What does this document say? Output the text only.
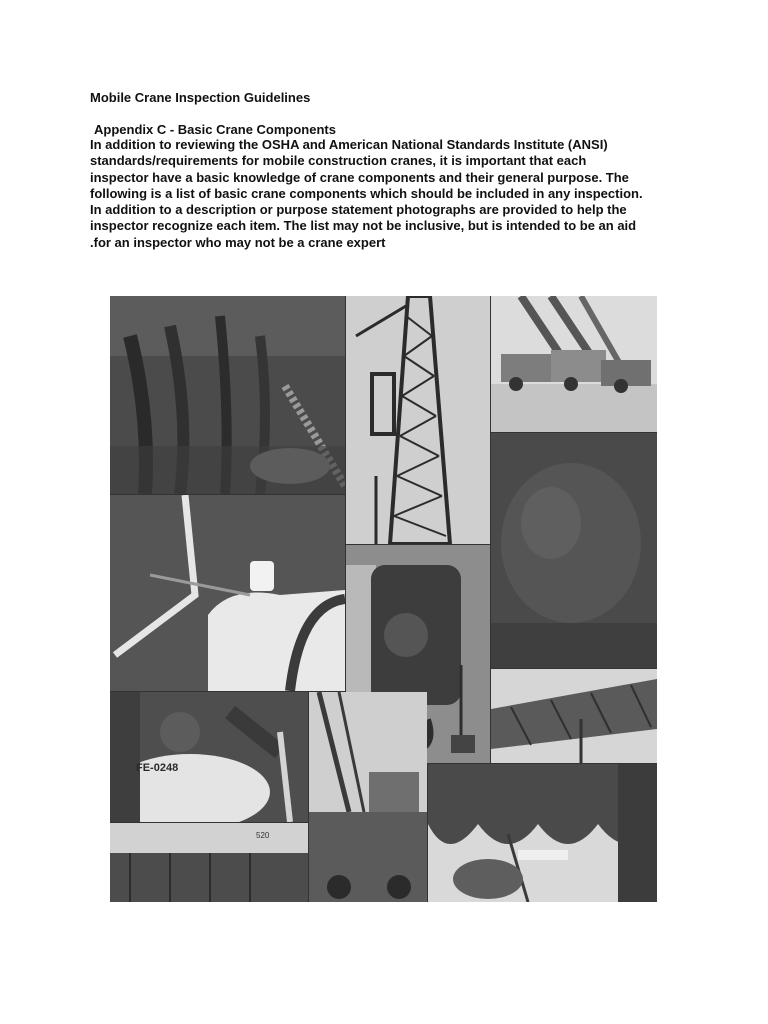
Mobile Crane Inspection Guidelines
Appendix C - Basic Crane Components

In addition to reviewing the OSHA and American National Standards Institute (ANSI)
standards/requirements for mobile construction cranes, it is important that each
inspector have a basic knowledge of crane components and their general purpose. The
following is a list of basic crane components which should be included in any inspection.
In addition to a description or purpose statement photographs are provided to help the
inspector recognize each item. The list may not be inclusive, but is intended to be an aid
.for an inspector who may not be a crane expert

FE-0248
520
